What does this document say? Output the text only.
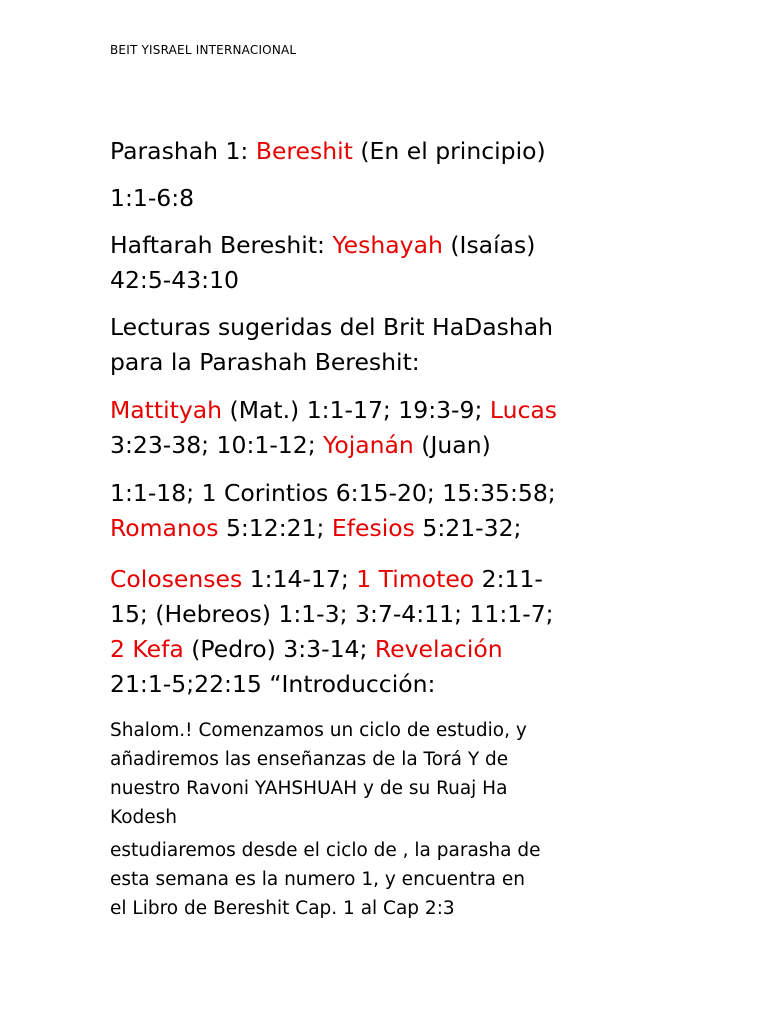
BEIT YISRAEL INTERNACIONAL

Parashah 1: Bereshit (En el principio)

1:1-6:8

Haftarah Bereshit: Yeshayah (Isaías)

42:5-43:10

Lecturas sugeridas del Brit HaDashah

para la Parashah Bereshit:

Mattityah (Mat.) 1:1-17; 19:3-9; Lucas

3:23-38; 10:1-12; Yojanán (Juan)

1:1-18; 1 Corintios 6:15-20; 15:35:58;

Romanos 5:12:21; Efesios 5:21-32;

Colosenses 1:14-17; 1 Timoteo 2:11-

15; (Hebreos) 1:1-3; 3:7-4:11; 11:1-7;

2 Kefa (Pedro) 3:3-14; Revelación

21:1-5;22:15 “Introducción:

Shalom.! Comenzamos un ciclo de estudio, y

añadiremos las enseñanzas de la Torá Y de

nuestro Ravoni YAHSHUAH y de su Ruaj Ha

Kodesh

estudiaremos desde el ciclo de , la parasha de

esta semana es la numero 1, y encuentra en

el Libro de Bereshit Cap. 1 al Cap 2:3
